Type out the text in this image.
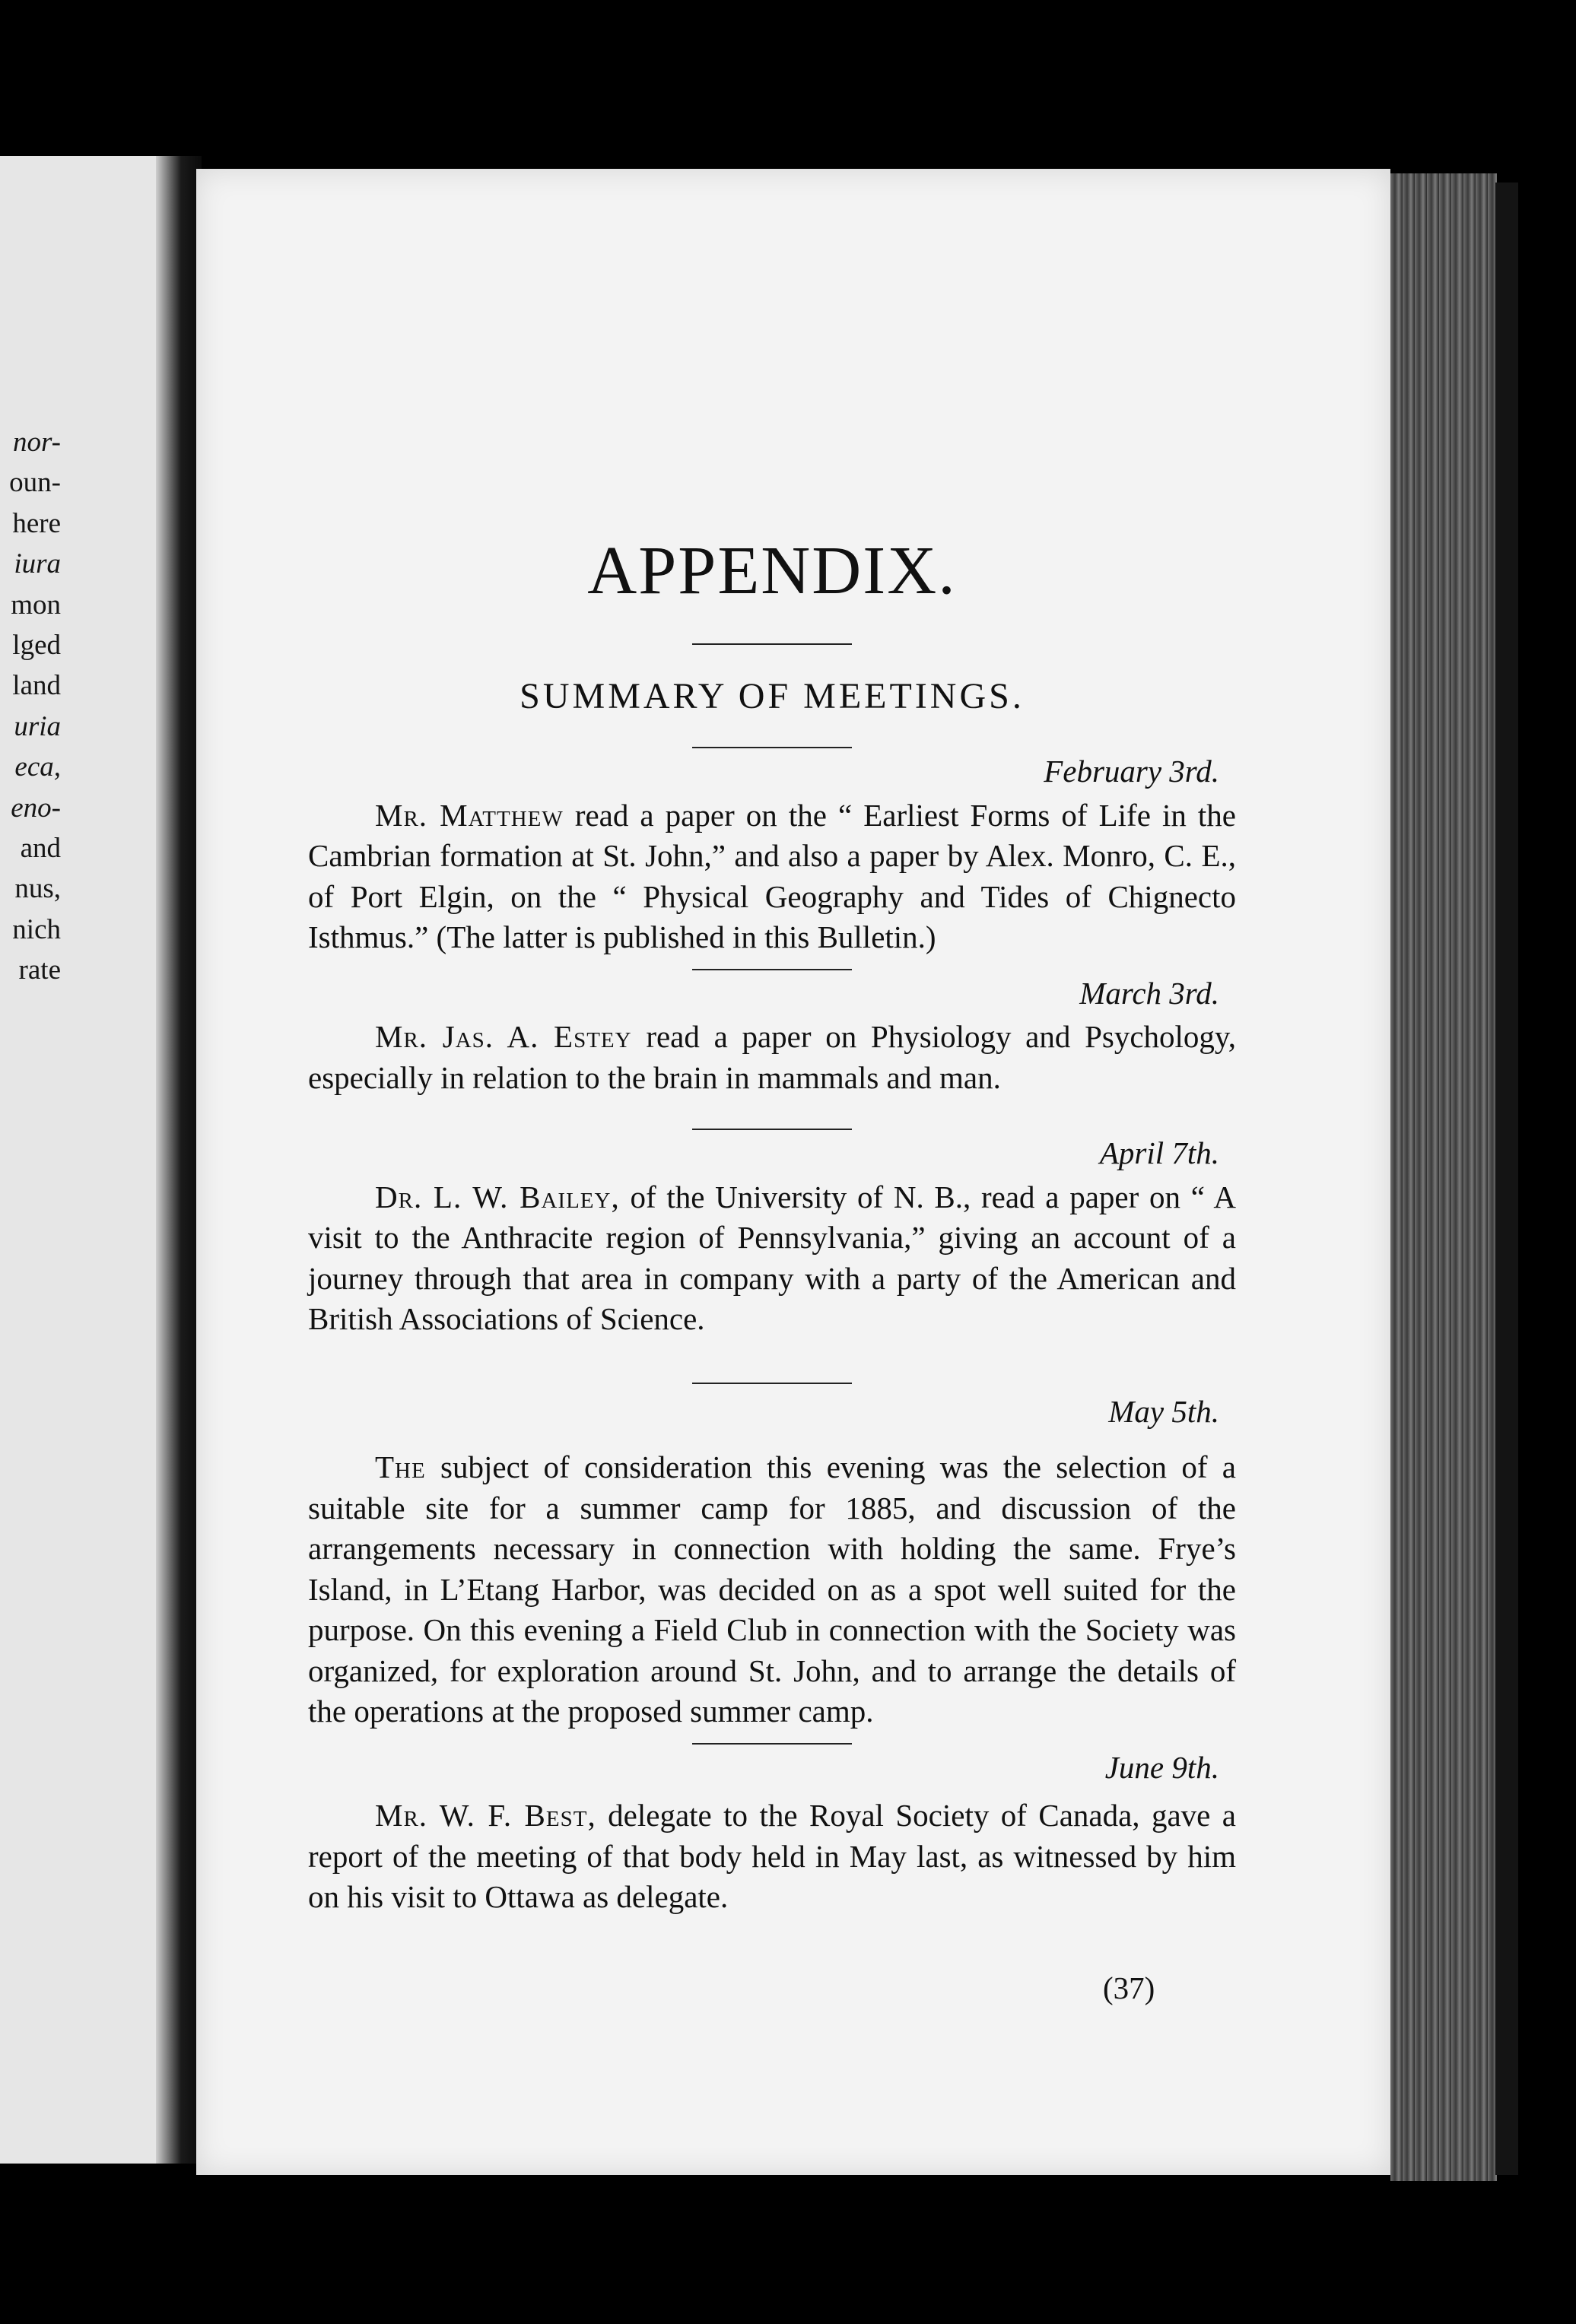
nor-
oun-
here
iura
mon
lged
land
uria
eca,
eno-
and
nus,
nich
rate
APPENDIX.
SUMMARY OF MEETINGS.
February 3rd.

Mr. Matthew read a paper on the “ Earliest Forms of Life in the Cambrian formation at St. John,” and also a paper by Alex. Monro, C. E., of Port Elgin, on the “ Physical Geography and Tides of Chignecto Isthmus.” (The latter is published in this Bulletin.)

March 3rd.

Mr. Jas. A. Estey read a paper on Physiology and Psychology, especially in relation to the brain in mammals and man.

April 7th.

Dr. L. W. Bailey, of the University of N. B., read a paper on “ A visit to the Anthracite region of Pennsylvania,” giving an account of a journey through that area in company with a party of the American and British Associations of Science.

May 5th.

The subject of consideration this evening was the selection of a suitable site for a summer camp for 1885, and discussion of the arrangements necessary in connection with holding the same. Frye’s Island, in L’Etang Harbor, was decided on as a spot well suited for the purpose. On this evening a Field Club in connection with the Society was organized, for exploration around St. John, and to arrange the details of the operations at the proposed summer camp.

June 9th.

Mr. W. F. Best, delegate to the Royal Society of Canada, gave a report of the meeting of that body held in May last, as witnessed by him on his visit to Ottawa as delegate.

(37)
